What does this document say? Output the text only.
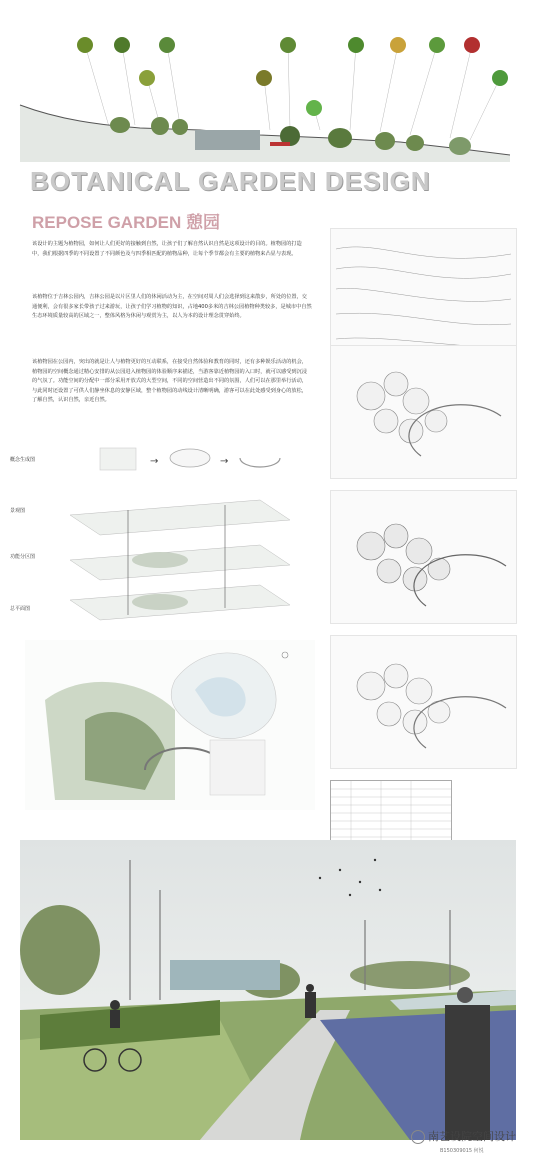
BOTANICAL GARDEN DESIGN
REPOSE GARDEN 憩园
该设计的主题为植物园，如何让人们更好的接触到自然，让孩子们了解自然认识自然是这项设计的目的。植物园的打造中，我们根据四季的不同设置了不同颜色及与四季相匹配的植物品种，让每个季节都会有主要的植物来凸显与表现。
该植物位于吉林公园内，吉林公园是以片区里人们的休闲活动为主，在空间对周人们会选择到这来散步，所处的位置，交通便利，会有很多家长带孩子过来游玩，让孩子们学习植物的知识，占地400多米的吉林公园植物种类较多，是城市中自然生态环境质量较高的区域之一，整体风格为休闲与观赏为主，以人为本的设计理念贯穿始终。
该植物园在公园内，突出的就是让人与植物更好的互动联系，在接受自然体验和教育的同时，还有多种娱乐活动的机会，植物园的空间概念通过精心安排的从公园进入植物园的体验顺序来描述，当游客靠近植物园的入口时，就可以感受到沉浸的气氛了。功能空间的分配中一部分采用开放式的大型空间，不同的空间营造出不同的氛围，人们可以在那里举行活动，与此同时还设置了可供人们静坐休息的安静区域，整个植物园的动线设计清晰明确，游客可以在此处感受到身心的放松，了解自然，认识自然，亲近自然。
→	→
概念生成图
景观图
功能分区图
总平面图
南艺设院空间设计
B150309015 何悦
